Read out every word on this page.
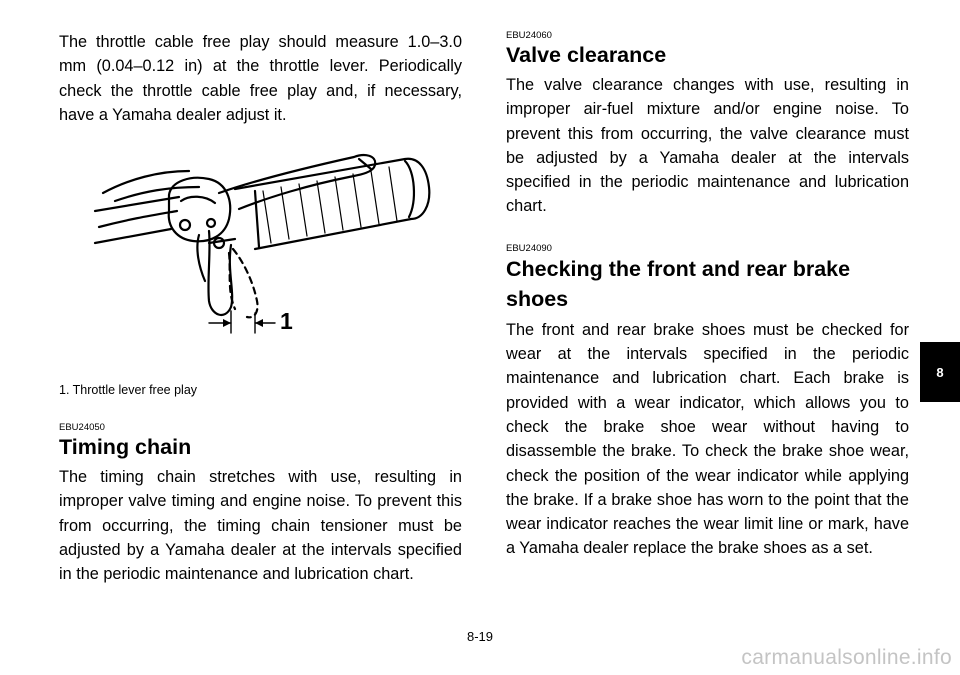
The throttle cable free play should measure 1.0–3.0 mm (0.04–0.12 in) at the throttle lever. Periodically check the throttle cable free play and, if necessary, have a Yamaha dealer adjust it.

1

1. Throttle lever free play

EBU24050

Timing chain

The timing chain stretches with use, resulting in improper valve timing and engine noise. To prevent this from occurring, the timing chain tensioner must be adjusted by a Yamaha dealer at the intervals specified in the periodic maintenance and lubrication chart.

EBU24060

Valve clearance

The valve clearance changes with use, resulting in improper air-fuel mixture and/or engine noise. To prevent this from occurring, the valve clearance must be adjusted by a Yamaha dealer at the intervals specified in the periodic maintenance and lubrication chart.

EBU24090

Checking the front and rear brake shoes

The front and rear brake shoes must be checked for wear at the intervals specified in the periodic maintenance and lubrication chart. Each brake is provided with a wear indicator, which allows you to check the brake shoe wear without having to disassemble the brake. To check the brake shoe wear, check the position of the wear indicator while applying the brake. If a brake shoe has worn to the point that the wear indicator reaches the wear limit line or mark, have a Yamaha dealer replace the brake shoes as a set.

8
8-19
carmanualsonline.info
